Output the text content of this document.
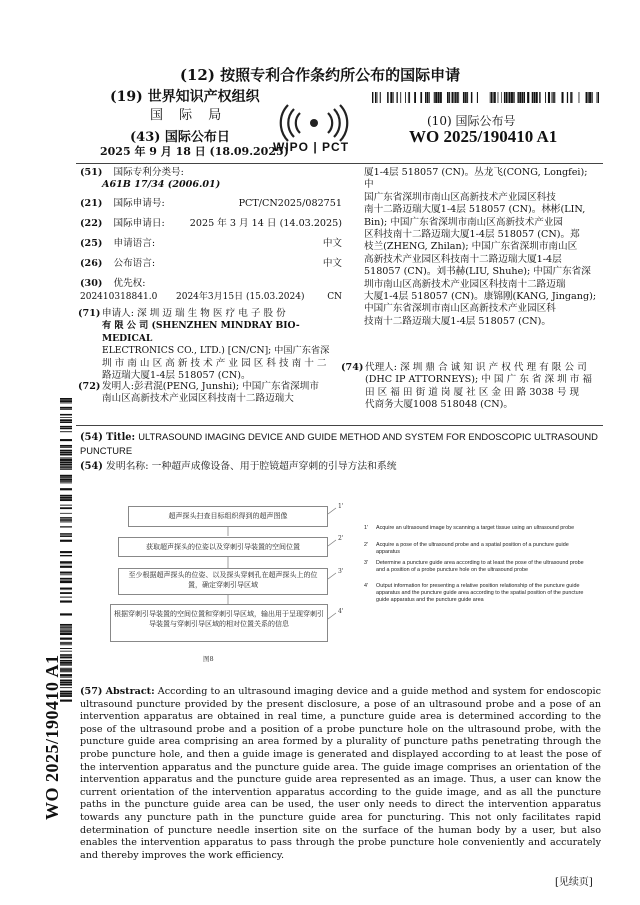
(12) 按照专利合作条约所公布的国际申请
(19) 世界知识产权组织
国 际 局
(43) 国际公布日
2025 年 9 月 18 日 (18.09.2025)
WIPO | PCT
(10) 国际公布号
WO 2025/190410 A1
(51) 国际专利分类号:
A61B 17/34 (2006.01)
(21) 国际申请号:	PCT/CN2025/082751
(22) 国际申请日:	2025 年 3 月 14 日 (14.03.2025)
(25) 申请语言:	中文
(26) 公布语言:	中文
(30) 优先权:
202410318841.0 2024年3月15日 (15.03.2024)	CN
(71) 申请人: 深 圳 迈 瑞 生 物 医 疗 电 子 股 份
有 限 公 司 (SHENZHEN MINDRAY BIO-MEDICAL
ELECTRONICS CO., LTD.) [CN/CN]; 中国广东省深
圳 市 南 山 区 高 新 技 术 产 业 园 区 科 技 南 十 二
路迈瑞大厦1-4层 518057 (CN)。
(72) 发明人:彭君混(PENG, Junshi); 中国广东省深圳市
南山区高新技术产业园区科技南十二路迈瑞大
厦1-4层 518057 (CN)。丛龙飞(CONG, Longfei); 中
国广东省深圳市南山区高新技术产业园区科技
南十二路迈瑞大厦1-4层 518057 (CN)。林彬(LIN,
Bin); 中国广东省深圳市南山区高新技术产业园
区科技南十二路迈瑞大厦1-4层 518057 (CN)。郑
枝兰(ZHENG, Zhilan); 中国广东省深圳市南山区
高新技术产业园区科技南十二路迈瑞大厦1-4层
518057 (CN)。刘书赫(LIU, Shuhe); 中国广东省深
圳市南山区高新技术产业园区科技南十二路迈瑞
大厦1-4层 518057 (CN)。康锦刚(KANG, Jingang);
中国广东省深圳市南山区高新技术产业园区科
技南十二路迈瑞大厦1-4层 518057 (CN)。
(74) 代理人: 深 圳 鼎 合 诚 知 识 产 权 代 理 有 限 公 司
(DHC IP ATTORNEYS); 中 国 广 东 省 深 圳 市 福
田 区 福 田 街 道 岗 厦 社 区 金 田 路 3038 号 现
代商务大厦1008 518048 (CN)。
(54) Title: ULTRASOUND IMAGING DEVICE AND GUIDE METHOD AND SYSTEM FOR ENDOSCOPIC ULTRASOUND PUNCTURE
(54) 发明名称: 一种超声成像设备、用于腔镜超声穿刺的引导方法和系统
超声探头扫查目标组织得到的超声图像
获取超声探头的位姿以及穿刺引导装置的空间位置
至少根据超声探头的位姿、以及探头穿刺孔在超声探头上的位置，确定穿刺引导区域
根据穿刺引导装置的空间位置和穿刺引导区域，输出用于呈现穿刺引导装置与穿刺引导区域的相对位置关系的信息
1'
2'
3'
4'
图8
1' Acquire an ultrasound image by scanning a target tissue using an ultrasound probe
2' Acquire a pose of the ultrasound probe and a spatial position of a puncture guide apparatus
3' Determine a puncture guide area according to at least the pose of the ultrasound probe and a position of a probe puncture hole on the ultrasound probe
4' Output information for presenting a relative position relationship of the puncture guide apparatus and the puncture guide area according to the spatial position of the puncture guide apparatus and the puncture guide area
(57) Abstract: According to an ultrasound imaging device and a guide method and system for endoscopic ultrasound puncture provided by the present disclosure, a pose of an ultrasound probe and a pose of an intervention apparatus are obtained in real time, a puncture guide area is determined according to the pose of the ultrasound probe and a position of a probe puncture hole on the ultrasound probe, with the puncture guide area comprising an area formed by a plurality of puncture paths penetrating through the probe puncture hole, and then a guide image is generated and displayed according to at least the pose of the intervention apparatus and the puncture guide area. The guide image comprises an orientation of the intervention apparatus and the puncture guide area represented as an image. Thus, a user can know the current orientation of the intervention apparatus according to the guide image, and as all the puncture paths in the puncture guide area can be used, the user only needs to direct the intervention apparatus towards any puncture path in the puncture guide area for puncturing. This not only facilitates rapid determination of puncture needle insertion site on the surface of the human body by a user, but also enables the intervention apparatus to pass through the probe puncture hole conveniently and accurately and thereby improves the work efficiency.
WO 2025/190410 A1
[见续页]
